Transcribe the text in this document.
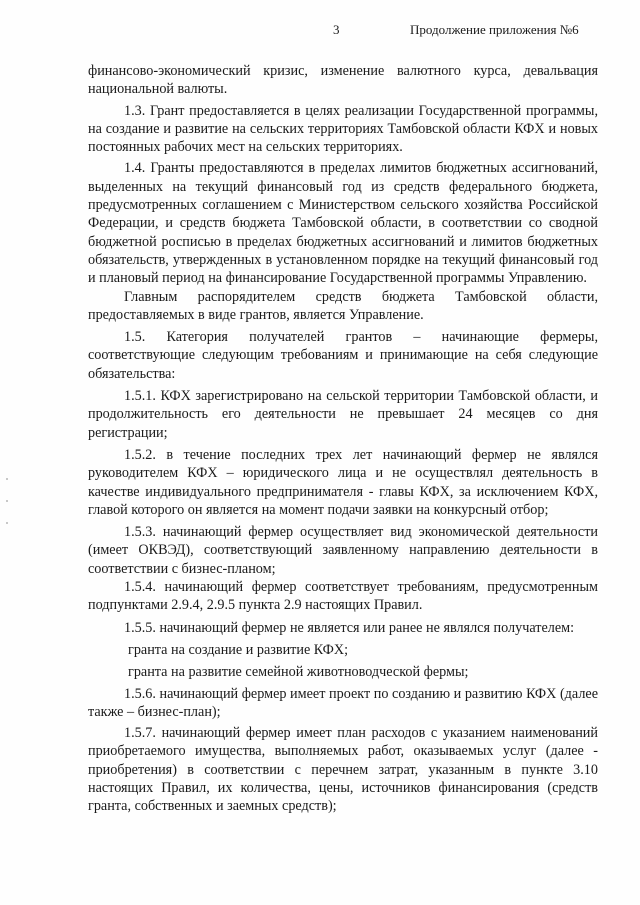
3	Продолжение приложения №6

финансово-экономический кризис, изменение валютного курса, девальвация национальной валюты.

1.3. Грант предоставляется в целях реализации Государственной программы, на создание и развитие на сельских территориях Тамбовской области КФХ и новых постоянных рабочих мест на сельских территориях.

1.4. Гранты предоставляются в пределах лимитов бюджетных ассигнований, выделенных на текущий финансовый год из средств федерального бюджета, предусмотренных соглашением с Министерством сельского хозяйства Российской Федерации, и средств бюджета Тамбовской области, в соответствии со сводной бюджетной росписью в пределах бюджетных ассигнований и лимитов бюджетных обязательств, утвержденных в установленном порядке на текущий финансовый год и плановый период на финансирование Государственной программы Управлению.

Главным распорядителем средств бюджета Тамбовской области, предоставляемых в виде грантов, является Управление.

1.5. Категория получателей грантов – начинающие фермеры, соответствующие следующим требованиям и принимающие на себя следующие обязательства:

1.5.1. КФХ зарегистрировано на сельской территории Тамбовской области, и продолжительность его деятельности не превышает 24 месяцев со дня регистрации;

1.5.2. в течение последних трех лет начинающий фермер не являлся руководителем КФХ – юридического лица и не осуществлял деятельность в качестве индивидуального предпринимателя - главы КФХ, за исключением КФХ, главой которого он является на момент подачи заявки на конкурсный отбор;

1.5.3. начинающий фермер осуществляет вид экономической деятельности (имеет ОКВЭД), соответствующий заявленному направлению деятельности в соответствии с бизнес-планом;

1.5.4. начинающий фермер соответствует требованиям, предусмотренным подпунктами 2.9.4, 2.9.5 пункта 2.9 настоящих Правил.

1.5.5. начинающий фермер не является или ранее не являлся получателем:

гранта на создание и развитие КФХ;

гранта на развитие семейной животноводческой фермы;

1.5.6. начинающий фермер имеет проект по созданию и развитию КФХ (далее также – бизнес-план);

1.5.7. начинающий фермер имеет план расходов с указанием наименований приобретаемого имущества, выполняемых работ, оказываемых услуг (далее - приобретения) в соответствии с перечнем затрат, указанным в пункте 3.10 настоящих Правил, их количества, цены, источников финансирования (средств гранта, собственных и заемных средств);
